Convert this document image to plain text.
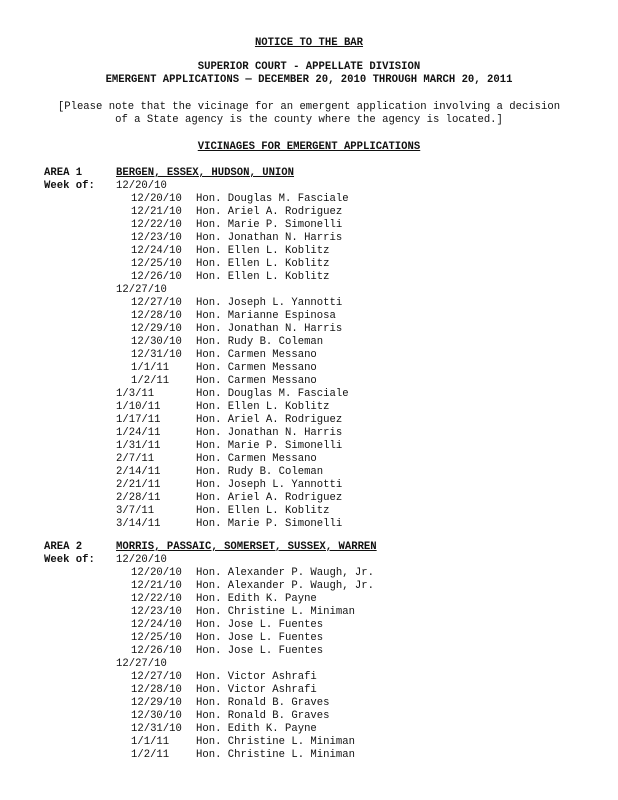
NOTICE TO THE BAR
SUPERIOR COURT - APPELLATE DIVISION
EMERGENT APPLICATIONS — DECEMBER 20, 2010 THROUGH MARCH 20, 2011
[Please note that the vicinage for an emergent application involving a decision
of a State agency is the county where the agency is located.]
VICINAGES FOR EMERGENT APPLICATIONS
AREA 1	BERGEN, ESSEX, HUDSON, UNION
Week of: 12/20/10
12/20/10 Hon. Douglas M. Fasciale
12/21/10 Hon. Ariel A. Rodriguez
12/22/10 Hon. Marie P. Simonelli
12/23/10 Hon. Jonathan N. Harris
12/24/10 Hon. Ellen L. Koblitz
12/25/10 Hon. Ellen L. Koblitz
12/26/10 Hon. Ellen L. Koblitz
12/27/10
12/27/10 Hon. Joseph L. Yannotti
12/28/10 Hon. Marianne Espinosa
12/29/10 Hon. Jonathan N. Harris
12/30/10 Hon. Rudy B. Coleman
12/31/10 Hon. Carmen Messano
1/1/11	Hon. Carmen Messano
1/2/11	Hon. Carmen Messano
1/3/11	Hon. Douglas M. Fasciale
1/10/11	Hon. Ellen L. Koblitz
1/17/11	Hon. Ariel A. Rodriguez
1/24/11	Hon. Jonathan N. Harris
1/31/11	Hon. Marie P. Simonelli
2/7/11	Hon. Carmen Messano
2/14/11	Hon. Rudy B. Coleman
2/21/11	Hon. Joseph L. Yannotti
2/28/11	Hon. Ariel A. Rodriguez
3/7/11	Hon. Ellen L. Koblitz
3/14/11	Hon. Marie P. Simonelli
AREA 2	MORRIS, PASSAIC, SOMERSET, SUSSEX, WARREN
Week of: 12/20/10
12/20/10 Hon. Alexander P. Waugh, Jr.
12/21/10 Hon. Alexander P. Waugh, Jr.
12/22/10 Hon. Edith K. Payne
12/23/10 Hon. Christine L. Miniman
12/24/10 Hon. Jose L. Fuentes
12/25/10 Hon. Jose L. Fuentes
12/26/10 Hon. Jose L. Fuentes
12/27/10
12/27/10 Hon. Victor Ashrafi
12/28/10 Hon. Victor Ashrafi
12/29/10 Hon. Ronald B. Graves
12/30/10 Hon. Ronald B. Graves
12/31/10 Hon. Edith K. Payne
1/1/11	Hon. Christine L. Miniman
1/2/11	Hon. Christine L. Miniman
